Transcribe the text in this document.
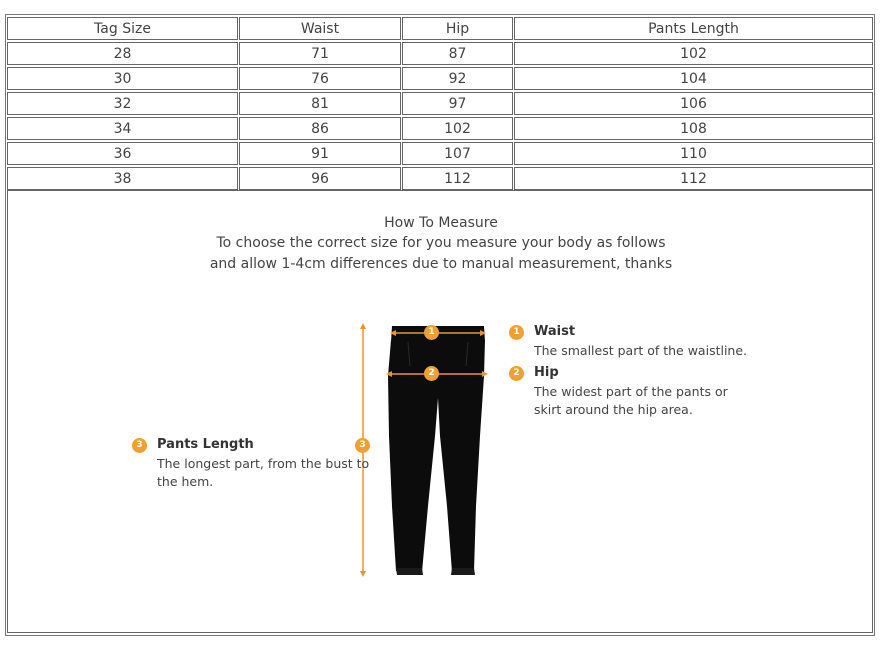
Tag Size	Waist	Hip	Pants Length
28	71	87	102
30	76	92	104
32	81	97	106
34	86	102	108
36	91	107	110
38	96	112	112
How To Measure
To choose the correct size for you measure your body as follows
and allow 1-4cm differences due to manual measurement, thanks
1
2
3
1	Waist
The smallest part of the waistline.
2	Hip
The widest part of the pants or
skirt around the hip area.
3	Pants Length
The longest part, from the bust to
the hem.
